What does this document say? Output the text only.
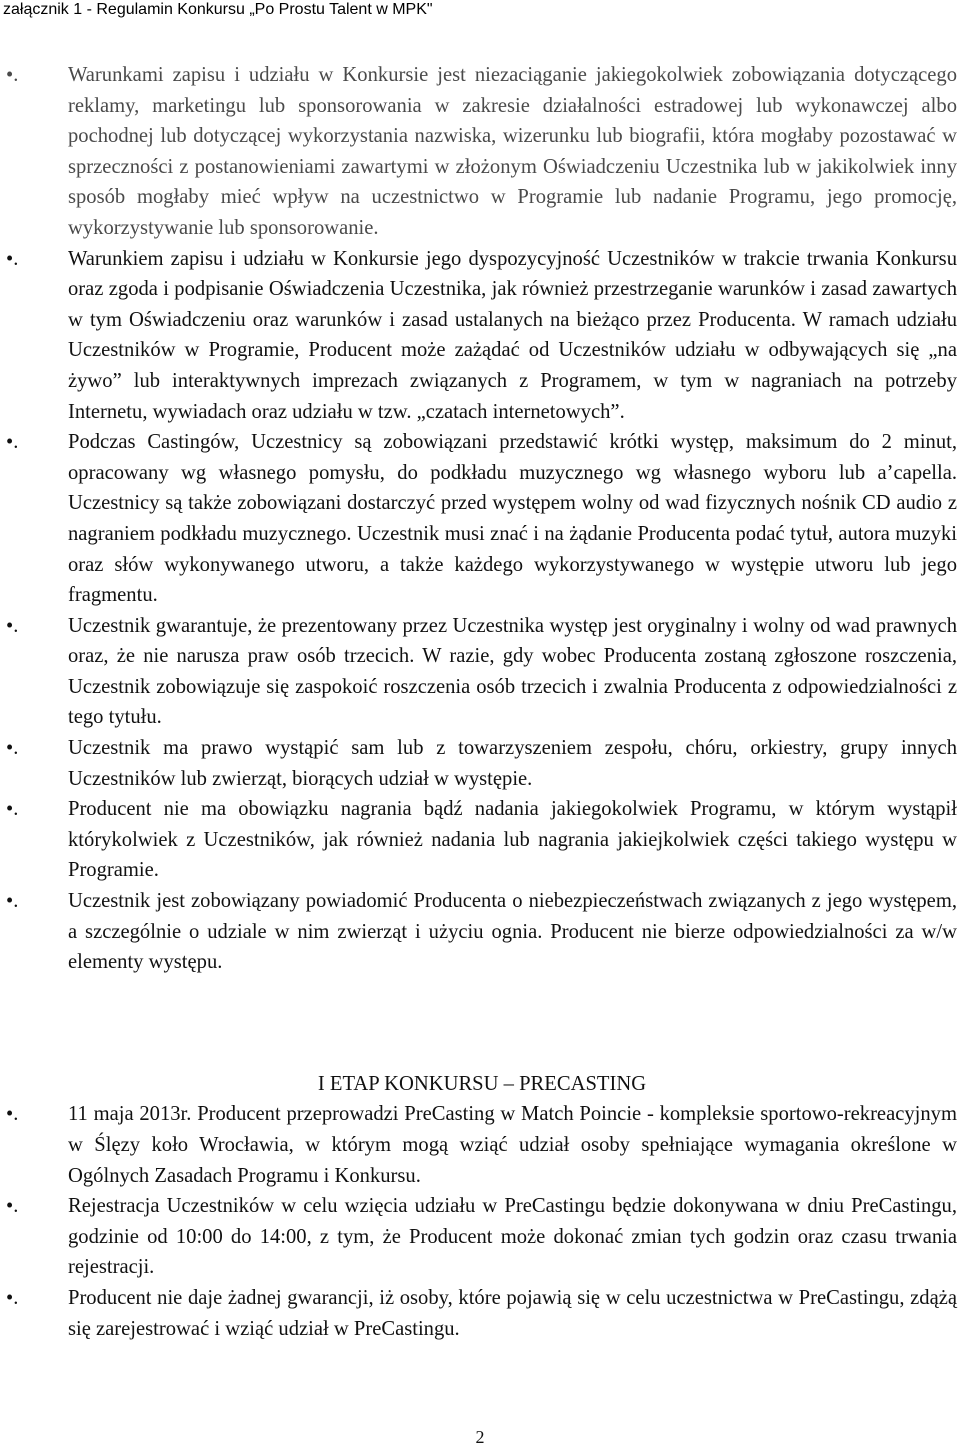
załącznik 1 - Regulamin Konkursu „Po Prostu Talent w MPK"
•.	Warunkami zapisu i udziału w Konkursie jest niezaciąganie jakiegokolwiek zobowiązania dotyczącego reklamy, marketingu lub sponsorowania w zakresie działalności estradowej lub wykonawczej albo pochodnej lub dotyczącej wykorzystania nazwiska, wizerunku lub biografii, która mogłaby pozostawać w sprzeczności z postanowieniami zawartymi w złożonym Oświadczeniu Uczestnika lub w jakikolwiek inny sposób mogłaby mieć wpływ na uczestnictwo w Programie lub nadanie Programu, jego promocję, wykorzystywanie lub sponsorowanie.
•.	Warunkiem zapisu i udziału w Konkursie jego dyspozycyjność Uczestników w trakcie trwania Konkursu oraz zgoda i podpisanie Oświadczenia Uczestnika, jak również przestrzeganie warunków i zasad zawartych w tym Oświadczeniu oraz warunków i zasad ustalanych na bieżąco przez Producenta. W ramach udziału Uczestników w Programie, Producent może zażądać od Uczestników udziału w odbywających się „na żywo” lub interaktywnych imprezach związanych z Programem, w tym w nagraniach na potrzeby Internetu, wywiadach oraz udziału w tzw. „czatach internetowych”.
•.	Podczas Castingów, Uczestnicy są zobowiązani przedstawić krótki występ, maksimum do 2 minut, opracowany wg własnego pomysłu, do podkładu muzycznego wg własnego wyboru lub a’capella. Uczestnicy są także zobowiązani dostarczyć przed występem wolny od wad fizycznych nośnik CD audio z nagraniem podkładu muzycznego. Uczestnik musi znać i na żądanie Producenta podać tytuł, autora muzyki oraz słów wykonywanego utworu, a także każdego wykorzystywanego w występie utworu lub jego fragmentu.
•.	Uczestnik gwarantuje, że prezentowany przez Uczestnika występ jest oryginalny i wolny od wad prawnych oraz, że nie narusza praw osób trzecich. W razie, gdy wobec Producenta zostaną zgłoszone roszczenia, Uczestnik zobowiązuje się zaspokoić roszczenia osób trzecich i zwalnia Producenta z odpowiedzialności z tego tytułu.
•.	Uczestnik ma prawo wystąpić sam lub z towarzyszeniem zespołu, chóru, orkiestry, grupy innych Uczestników lub zwierząt, biorących udział w występie.
•.	Producent nie ma obowiązku nagrania bądź nadania jakiegokolwiek Programu, w którym wystąpił którykolwiek z Uczestników, jak również nadania lub nagrania jakiejkolwiek części takiego występu w Programie.
•.	Uczestnik jest zobowiązany powiadomić Producenta o niebezpieczeństwach związanych z jego występem, a szczególnie o udziale w nim zwierząt i użyciu ognia. Producent nie bierze odpowiedzialności za w/w elementy występu.
I ETAP KONKURSU – PRECASTING
•.	11 maja 2013r. Producent przeprowadzi PreCasting w Match Poincie - kompleksie sportowo-rekreacyjnym w Ślęzy koło Wrocławia, w którym mogą wziąć udział osoby spełniające wymagania określone w Ogólnych Zasadach Programu i Konkursu.
•.	Rejestracja Uczestników w celu wzięcia udziału w PreCastingu będzie dokonywana w dniu PreCastingu, godzinie od 10:00 do 14:00, z tym, że Producent może dokonać zmian tych godzin oraz czasu trwania rejestracji.
•.	Producent nie daje żadnej gwarancji, iż osoby, które pojawią się w celu uczestnictwa w PreCastingu, zdążą się zarejestrować i wziąć udział w PreCastingu.
2
